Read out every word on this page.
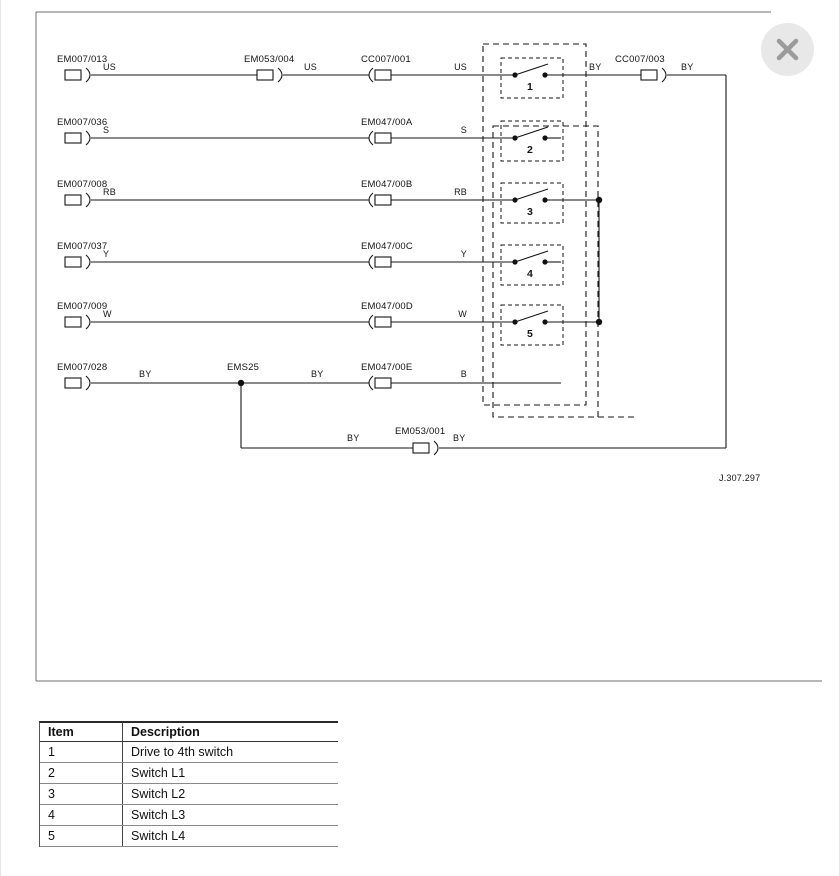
EM007/013
US
EM053/004
US
CC007/001
US
1
BY
CC007/003
BY
EM007/036
S
EM047/00A
S
2
EM007/008
RB
EM047/00B
RB
3
EM007/037
Y
EM047/00C
Y
4
EM007/009
W
EM047/00D
W
5
EM007/028
BY
EMS25
BY
EM047/00E
B
BY
EM053/001
BY
J.307.297
Item	Description
1	Drive to 4th switch
2	Switch L1
3	Switch L2
4	Switch L3
5	Switch L4
